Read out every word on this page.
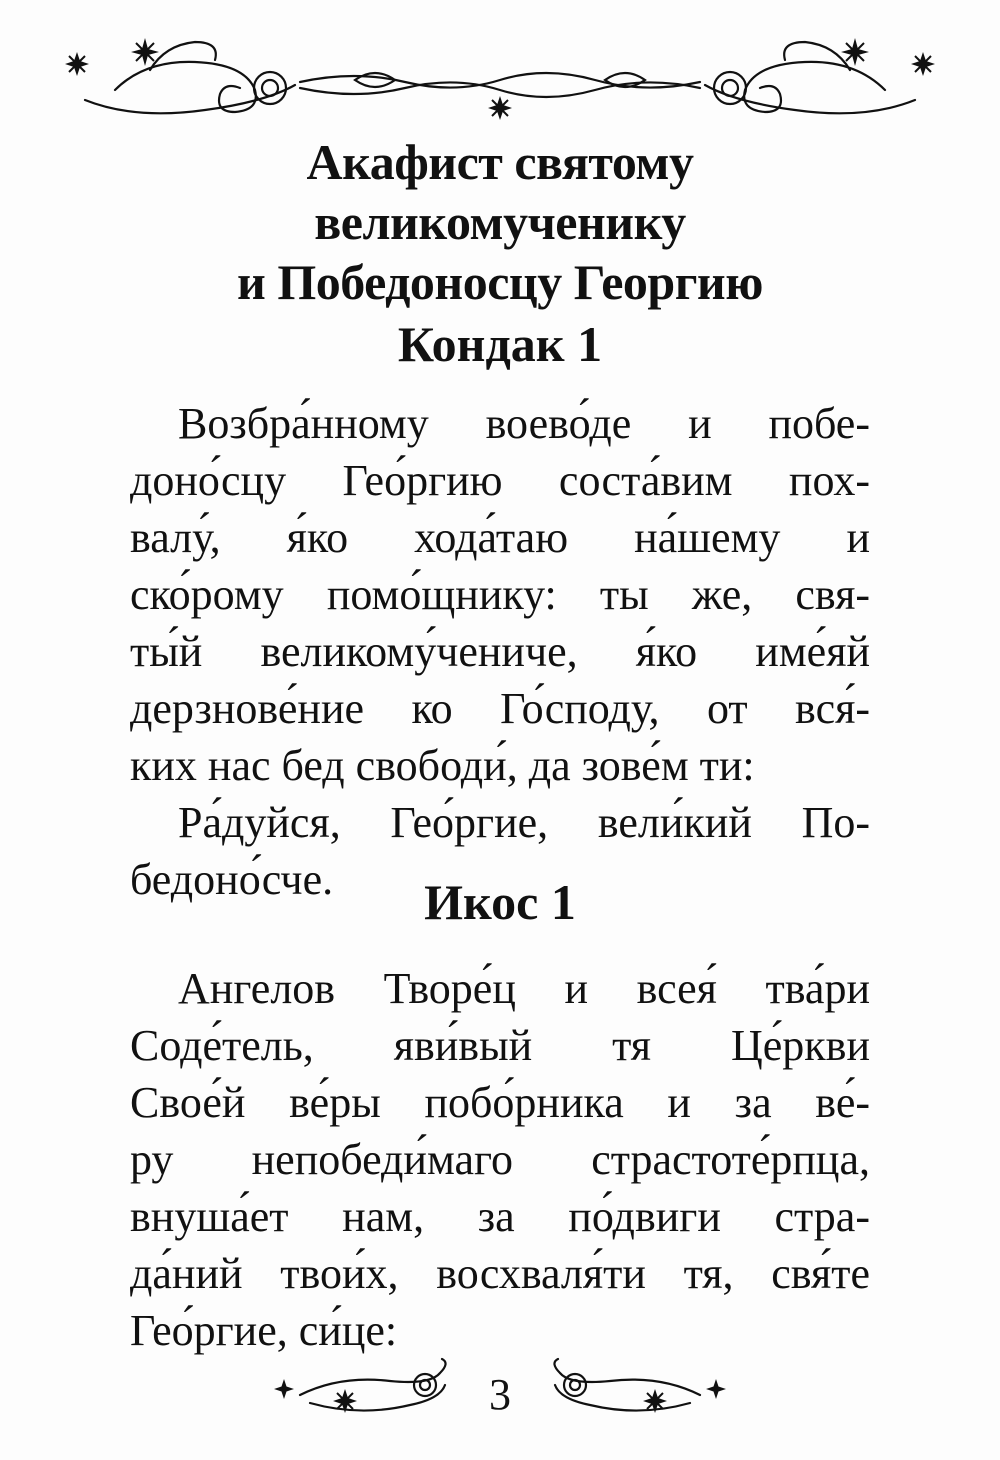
Акафист святому
великомученику
и Победоносцу Георгию
Кондак 1
Возбра́нному воево́де и побе-
доно́сцу Гео́ргию соста́вим пох-
валу́, я́ко хода́таю на́шему и
ско́рому помо́щнику: ты же, свя-
ты́й великому́чениче, я́ко име́яй
дерзнове́ние ко Го́споду, от вся́-
ких нас бед свободи́, да зове́м ти:
Ра́дуйся, Гео́ргие, вели́кий По-
бедоно́сче.	Икос 1
Ангелов Творе́ц и всея́ тва́ри
Соде́тель, яви́вый тя Це́ркви
Свое́й ве́ры побо́рника и за ве́-
ру непобеди́маго страстоте́рпца,
внуша́ет нам, за по́двиги стра-
да́ний твои́х, восхваля́ти тя, свя́те
Гео́ргие, си́це:
3
